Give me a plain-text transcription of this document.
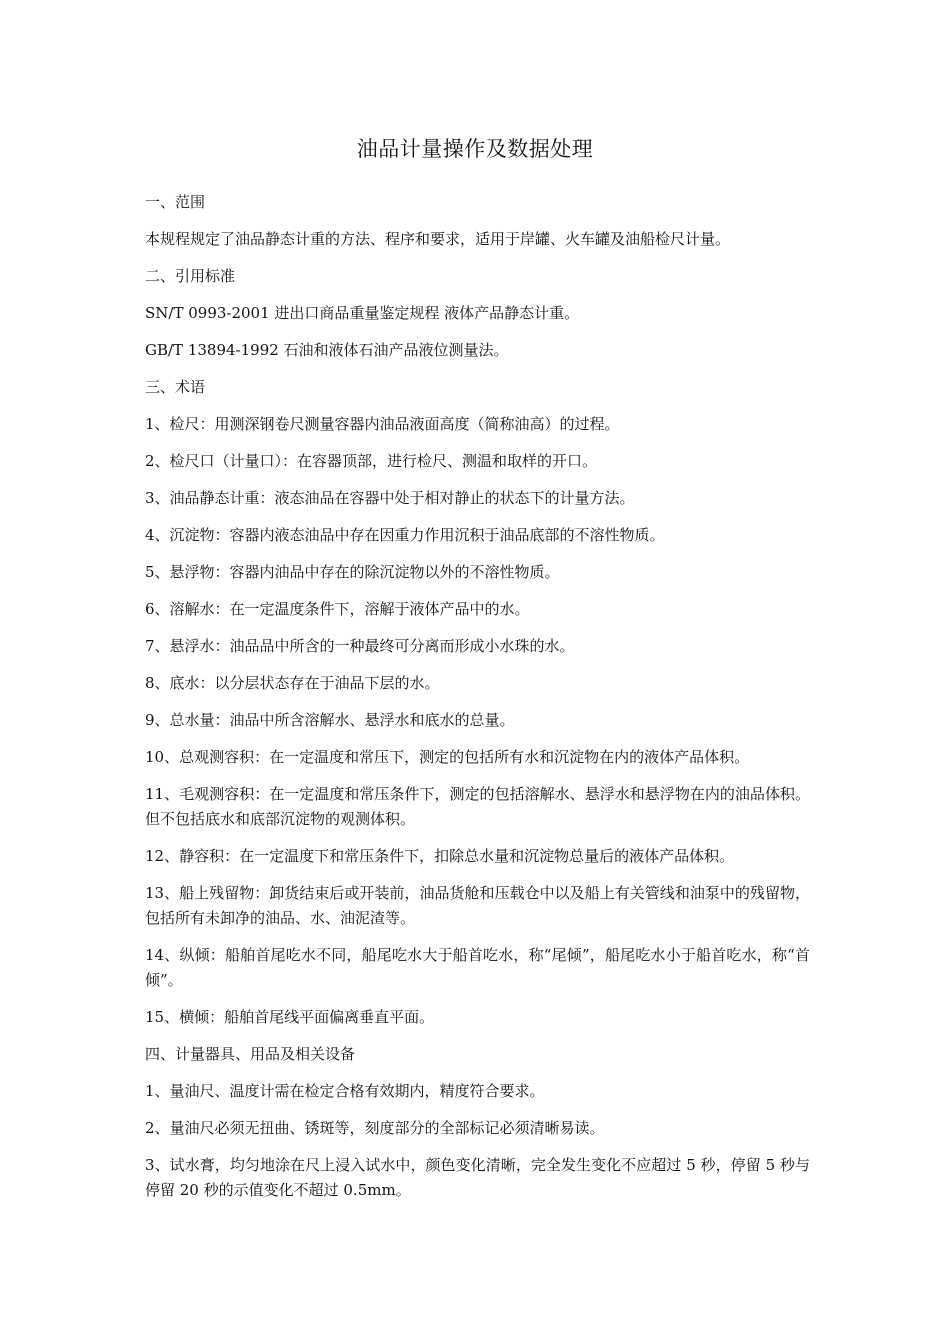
油品计量操作及数据处理

一、范围

本规程规定了油品静态计重的方法、程序和要求，适用于岸罐、火车罐及油船检尺计量。

二、引用标准

SN/T 0993-2001 进出口商品重量鉴定规程 液体产品静态计重。

GB/T 13894-1992 石油和液体石油产品液位测量法。

三、术语

1、检尺：用测深钢卷尺测量容器内油品液面高度（简称油高）的过程。

2、检尺口（计量口）：在容器顶部，进行检尺、测温和取样的开口。

3、油品静态计重：液态油品在容器中处于相对静止的状态下的计量方法。

4、沉淀物：容器内液态油品中存在因重力作用沉积于油品底部的不溶性物质。

5、悬浮物：容器内油品中存在的除沉淀物以外的不溶性物质。

6、溶解水：在一定温度条件下，溶解于液体产品中的水。

7、悬浮水：油品品中所含的一种最终可分离而形成小水珠的水。

8、底水：以分层状态存在于油品下层的水。

9、总水量：油品中所含溶解水、悬浮水和底水的总量。

10、总观测容积：在一定温度和常压下，测定的包括所有水和沉淀物在内的液体产品体积。

11、毛观测容积：在一定温度和常压条件下，测定的包括溶解水、悬浮水和悬浮物在内的油品体积。但不包括底水和底部沉淀物的观测体积。

12、静容积：在一定温度下和常压条件下，扣除总水量和沉淀物总量后的液体产品体积。

13、船上残留物：卸货结束后或开装前，油品货舱和压载仓中以及船上有关管线和油泵中的残留物，包括所有未卸净的油品、水、油泥渣等。

14、纵倾：船舶首尾吃水不同，船尾吃水大于船首吃水，称“尾倾”，船尾吃水小于船首吃水，称“首倾”。

15、横倾：船舶首尾线平面偏离垂直平面。

四、计量器具、用品及相关设备

1、量油尺、温度计需在检定合格有效期内，精度符合要求。

2、量油尺必须无扭曲、锈斑等，刻度部分的全部标记必须清晰易读。

3、试水膏，均匀地涂在尺上浸入试水中，颜色变化清晰，完全发生变化不应超过 5 秒，停留 5 秒与停留 20 秒的示值变化不超过 0.5mm。
